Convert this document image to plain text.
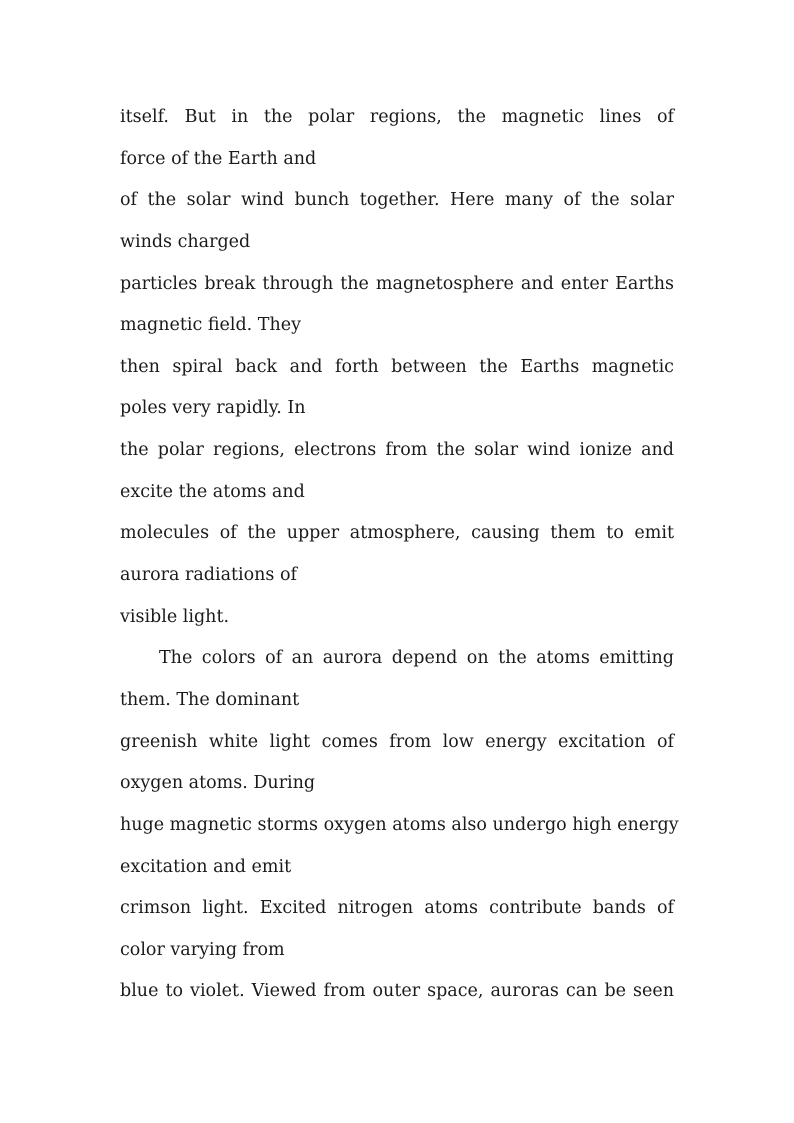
itself. But in the polar regions, the magnetic lines of
force of the Earth and
of the solar wind bunch together. Here many of the solar
winds charged
particles break through the magnetosphere and enter Earths
magnetic field. They
then spiral back and forth between the Earths magnetic
poles very rapidly. In
the polar regions, electrons from the solar wind ionize and
excite the atoms and
molecules of the upper atmosphere, causing them to emit
aurora radiations of
visible light.
The colors of an aurora depend on the atoms emitting
them. The dominant
greenish white light comes from low energy excitation of
oxygen atoms. During
huge magnetic storms oxygen atoms also undergo high energy
excitation and emit
crimson light. Excited nitrogen atoms contribute bands of
color varying from
blue to violet. Viewed from outer space, auroras can be seen
